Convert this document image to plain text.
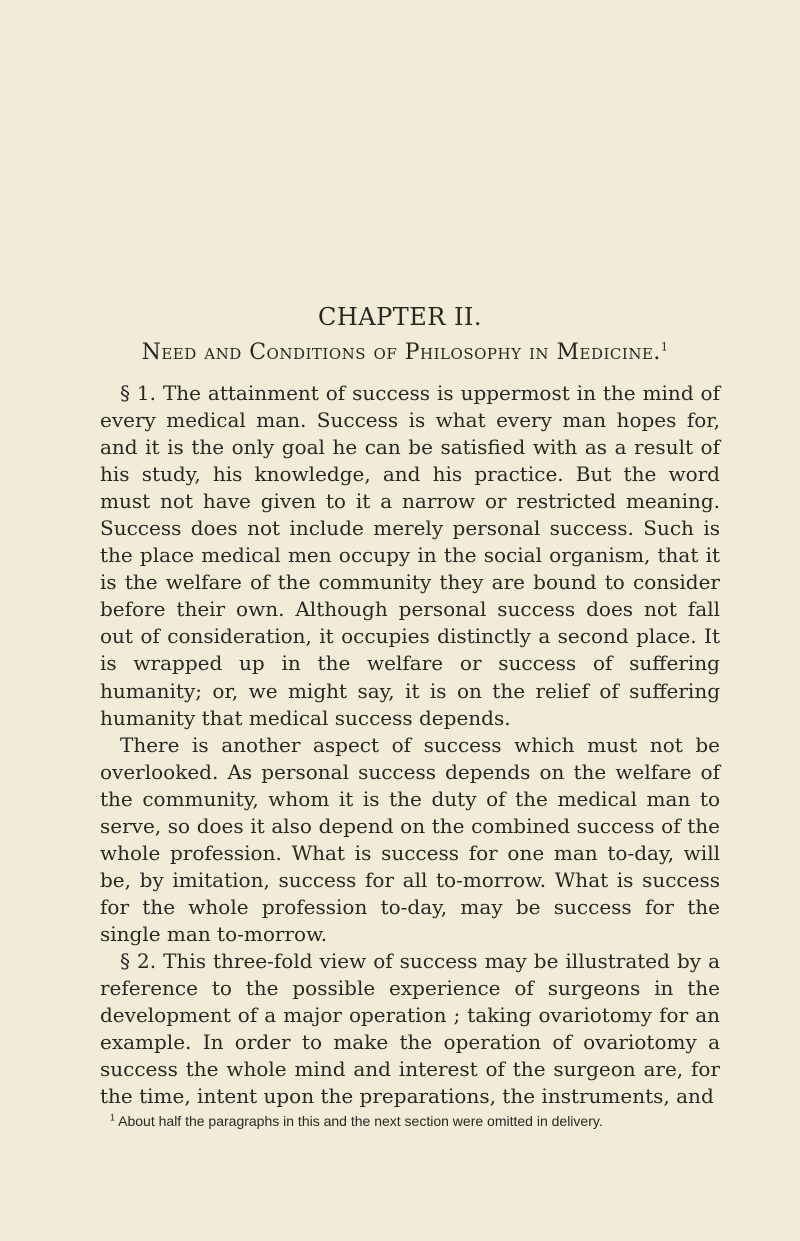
CHAPTER II.
Need and Conditions of Philosophy in Medicine.$^1$

§ 1. The attainment of success is uppermost in the mind of every medical man. Success is what every man hopes for, and it is the only goal he can be satisfied with as a result of his study, his knowledge, and his practice. But the word must not have given to it a narrow or restricted meaning. Success does not include merely personal success. Such is the place medical men occupy in the social organism, that it is the welfare of the community they are bound to consider before their own. Although personal success does not fall out of consideration, it occupies distinctly a second place. It is wrapped up in the welfare or success of suffering humanity; or, we might say, it is on the relief of suffering humanity that medical success depends.

There is another aspect of success which must not be overlooked. As personal success depends on the welfare of the community, whom it is the duty of the medical man to serve, so does it also depend on the combined success of the whole profession. What is success for one man to-day, will be, by imitation, success for all to-morrow. What is success for the whole profession to-day, may be success for the single man to-morrow.

§ 2. This three-fold view of success may be illustrated by a reference to the possible experience of surgeons in the development of a major operation ; taking ovariotomy for an example. In order to make the operation of ovariotomy a success the whole mind and interest of the surgeon are, for the time, intent upon the preparations, the instruments, and

$^1$ About half the paragraphs in this and the next section were omitted in delivery.
